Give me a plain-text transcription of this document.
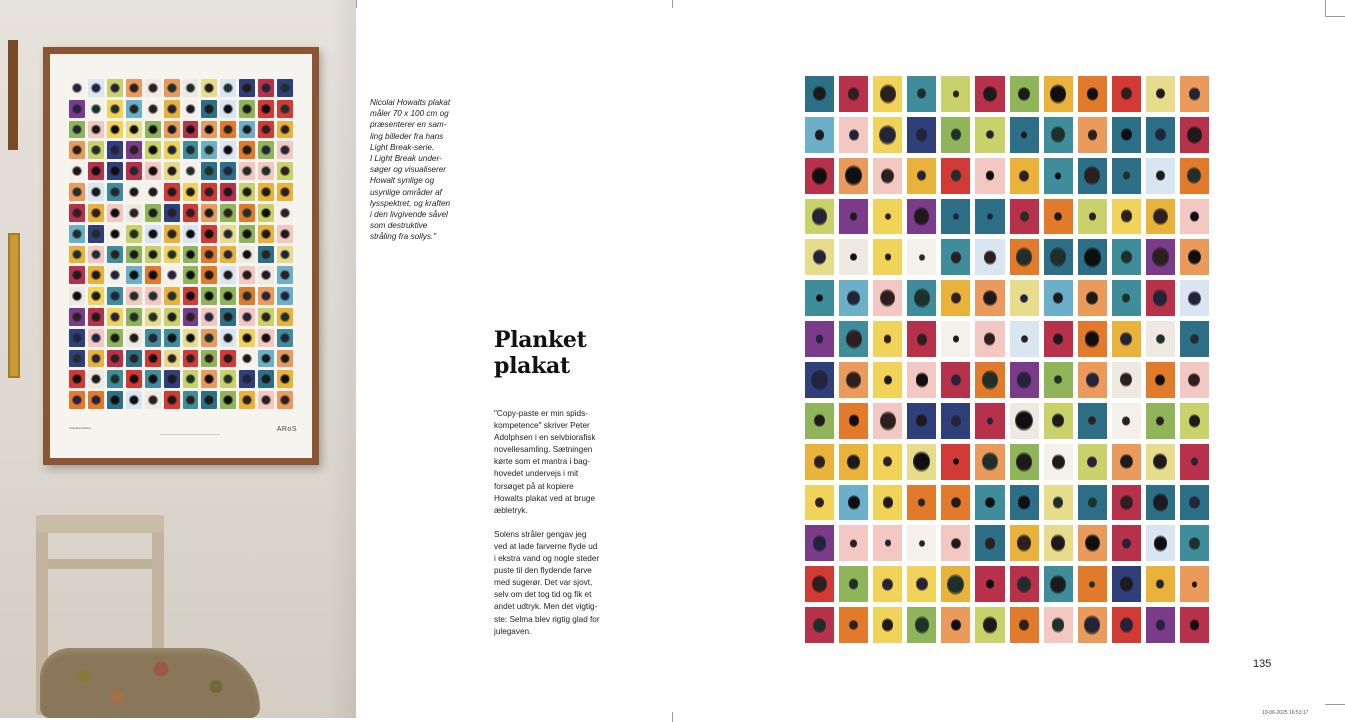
Kunsthal Aarhus	ARoS
Nicolai Howalts plakat
måler 70 x 100 cm og
præsenterer en sam-
ling billeder fra hans
Light Break-serie.
I Light Break under-
søger og visualiserer
Howalt synlige og
usynlige områder af
lysspektret, og kraften
i den livgivende såvel
som destruktive
stråling fra sollys."
Planket
plakat

"Copy-paste er min spids-
kompetence" skriver Peter
Adolphsen i en selvbiorafisk
novellesamling. Sætningen
kørte som et mantra i bag-
hovedet undervejs i mit
forsøget på at kopiere
Howalts plakat ved at bruge
æbletryk.

Solens stråler gengav jeg
ved at lade farverne flyde ud
i ekstra vand og nogle steder
puste til den flydende farve
med sugerør. Det var sjovt,
selv om det tog tid og fik et
andet udtryk. Men det vigtig-
ste: Selma blev rigtig glad for
julegaven.

135
10-06-2025 16:53:17
